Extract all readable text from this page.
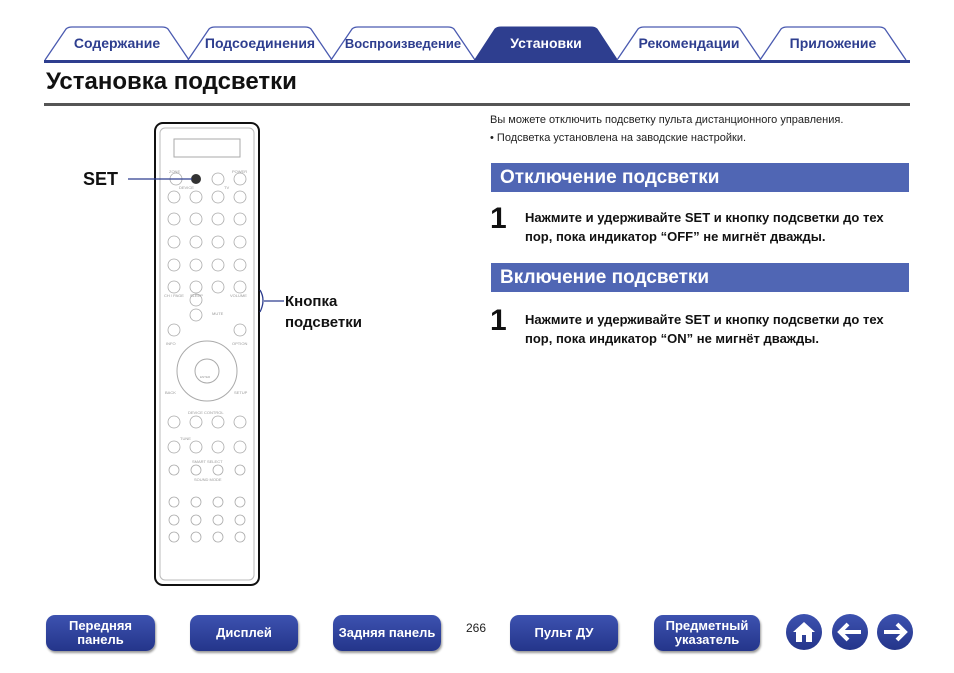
Содержание	Подсоединения Воспроизведение	Установки	Рекомендации	Приложение
Установка подсветки
Вы можете отключить подсветку пульта дистанционного управления.
• Подсветка установлена на заводские настройки.
Отключение подсветки
1 Нажмите и удерживайте SET и кнопку подсветки до тех пор, пока индикатор “OFF” не мигнёт дважды.
Включение подсветки
1 Нажмите и удерживайте SET и кнопку подсветки до тех пор, пока индикатор “ON” не мигнёт дважды.
ZONE	POWER
DEVICE	TV
CH / PAGE SLEEP	VOLUME
MUTE
INFO	OPTION
ENTER
BACK	SETUP
DEVICE CONTROL
TUNE
SMART SELECT
SOUND MODE
SET
Кнопка
подсветки
Передняя панель	Дисплей	Задняя панель	266	Пульт ДУ	Предметный указатель
